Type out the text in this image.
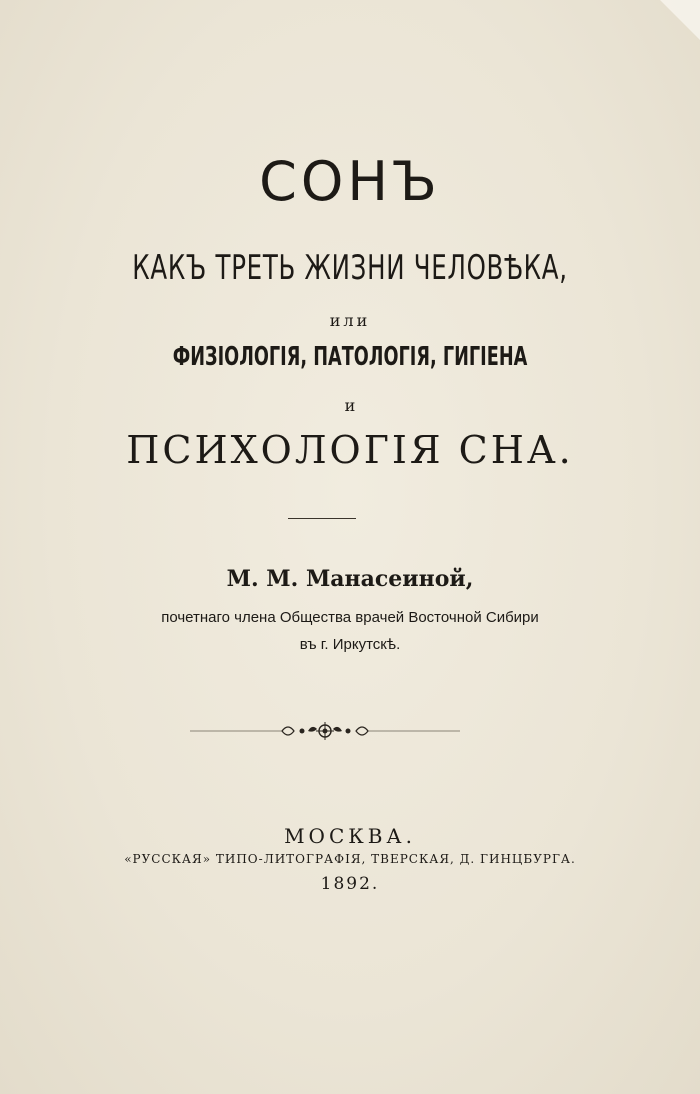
СОНЪ
КАКЪ ТРЕТЬ ЖИЗНИ ЧЕЛОВѢКА,
или
ФИЗІОЛОГІЯ, ПАТОЛОГІЯ, ГИГІЕНА
и
ПСИХОЛОГІЯ СНА.
М. М. Манасеиной,
почетнаго члена Общества врачей Восточной Сибири
въ г. Иркутскѣ.
МОСКВА.
«РУССКАЯ» ТИПО-ЛИТОГРАФІЯ, ТВЕРСКАЯ, Д. ГИНЦБУРГА.
1892.
